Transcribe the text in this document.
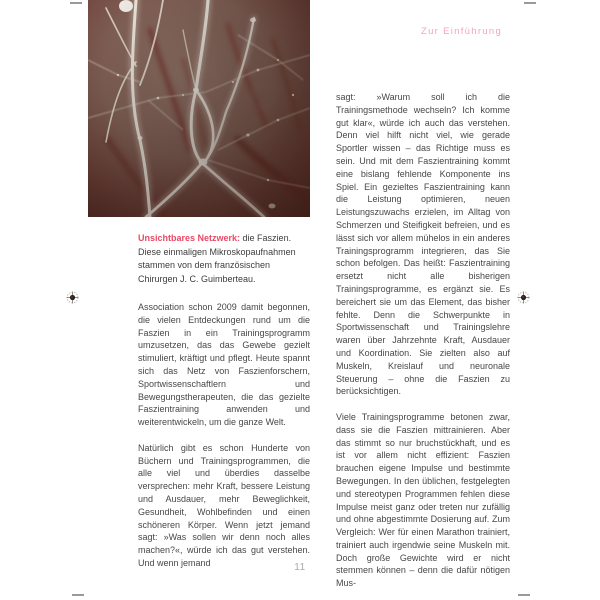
Zur Einführung
Unsichtbares Netzwerk: die Faszien. Diese einmaligen Mikroskopaufnahmen stammen von dem französischen Chirurgen J. C. Guimberteau.

Association schon 2009 damit begonnen, die vielen Entdeckungen rund um die Faszien in ein Trainingsprogramm umzusetzen, das das Gewebe gezielt stimuliert, kräftigt und pflegt. Heute spannt sich das Netz von Faszienforschern, Sportwissenschaftlern und Bewegungstherapeuten, die das gezielte Faszientraining anwenden und weiterentwickeln, um die ganze Welt.

Natürlich gibt es schon Hunderte von Büchern und Trainingsprogrammen, die alle viel und überdies dasselbe versprechen: mehr Kraft, bessere Leistung und Ausdauer, mehr Beweglichkeit, Gesundheit, Wohlbefinden und einen schöneren Körper. Wenn jetzt jemand sagt: »Was sollen wir denn noch alles machen?«, würde ich das gut verstehen. Und wenn jemand

sagt: »Warum soll ich die Trainingsmethode wechseln? Ich komme gut klar«, würde ich auch das verstehen. Denn viel hilft nicht viel, wie gerade Sportler wissen – das Richtige muss es sein. Und mit dem Faszientraining kommt eine bislang fehlende Komponente ins Spiel. Ein gezieltes Faszientraining kann die Leistung optimieren, neuen Leistungszuwachs erzielen, im Alltag von Schmerzen und Steifigkeit befreien, und es lässt sich vor allem mühelos in ein anderes Trainingsprogramm integrieren, das Sie schon befolgen. Das heißt: Faszientraining ersetzt nicht alle bisherigen Trainingsprogramme, es ergänzt sie. Es bereichert sie um das Element, das bisher fehlte. Denn die Schwerpunkte in Sportwissenschaft und Trainingslehre waren über Jahrzehnte Kraft, Ausdauer und Koordination. Sie zielten also auf Muskeln, Kreislauf und neuronale Steuerung – ohne die Faszien zu berücksichtigen.

Viele Trainingsprogramme betonen zwar, dass sie die Faszien mittrainieren. Aber das stimmt so nur bruchstückhaft, und es ist vor allem nicht effizient: Faszien brauchen eigene Impulse und bestimmte Bewegungen. In den üblichen, festgelegten und stereotypen Programmen fehlen diese Impulse meist ganz oder treten nur zufällig und ohne abgestimmte Dosierung auf. Zum Vergleich: Wer für einen Marathon trainiert, trainiert auch irgendwie seine Muskeln mit. Doch große Gewichte wird er nicht stemmen können – denn die dafür nötigen Mus-

11
